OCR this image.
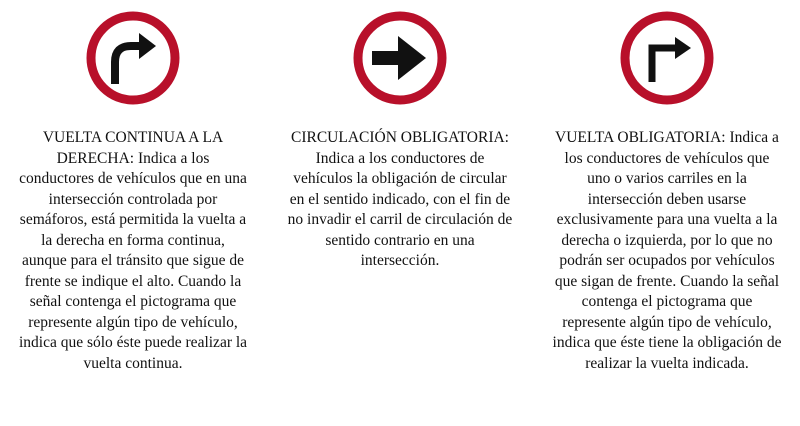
VUELTA CONTINUA A LA DERECHA: Indica a los conductores de vehículos que en una intersección controlada por semáforos, está permitida la vuelta a la derecha en forma continua, aunque para el tránsito que sigue de frente se indique el alto. Cuando la señal contenga el pictograma que represente algún tipo de vehículo, indica que sólo éste puede realizar la vuelta continua.

CIRCULACIÓN OBLIGATORIA: Indica a los conductores de vehículos la obligación de circular en el sentido indicado, con el fin de no invadir el carril de circulación de sentido contrario en una intersección.

VUELTA OBLIGATORIA: Indica a los conductores de vehículos que uno o varios carriles en la intersección deben usarse exclusivamente para una vuelta a la derecha o izquierda, por lo que no podrán ser ocupados por vehículos que sigan de frente. Cuando la señal contenga el pictograma que represente algún tipo de vehículo, indica que éste tiene la obligación de realizar la vuelta indicada.
